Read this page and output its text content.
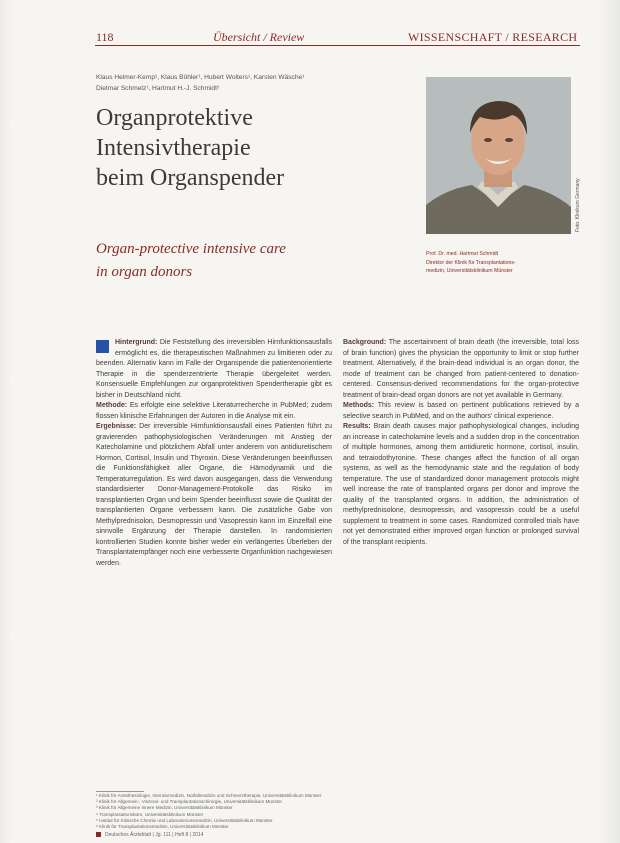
118	Übersicht / Review	WISSENSCHAFT / RESEARCH
Klaus Helmer-Kemp¹, Klaus Böhler¹, Hubert Wolters¹, Karsten Wäsche¹
Dietmar Schmelz¹, Hartmut H.-J. Schmidt²
Organprotektive
Intensivtherapie
beim Organspender
Organ-protective intensive care
in organ donors
Foto: Klinikum Germany
Prof. Dr. med. Hartmut Schmidt
Direktor der Klinik für Transplantations-
medizin, Universitätsklinikum Münster

Hintergrund: Die Feststellung des irreversiblen Hirnfunktionsausfalls ermöglicht es, die therapeutischen Maßnahmen zu limitieren oder zu beenden. Alternativ kann im Falle der Organspende die patientenorientierte Therapie in die spenderzentrierte Therapie übergeleitet werden. Konsensuelle Empfehlungen zur organprotektiven Spendertherapie gibt es bisher in Deutschland nicht.

Methode: Es erfolgte eine selektive Literaturrecherche in PubMed; zudem flossen klinische Erfahrungen der Autoren in die Analyse mit ein.

Ergebnisse: Der irreversible Hirnfunktionsausfall eines Patienten führt zu gravierenden pathophysiologischen Veränderungen mit Anstieg der Katecholamine und plötzlichem Abfall unter anderem von antidiuretischem Hormon, Cortisol, Insulin und Thyroxin. Diese Veränderungen beeinflussen die Funktionsfähigkeit aller Organe, die Hämodynamik und die Temperaturregulation. Es wird davon ausgegangen, dass die Verwendung standardisierter Donor-Management-Protokolle das Risiko im transplantierten Organ und beim Spender beeinflusst sowie die Qualität der transplantierten Organe verbessern kann. Die zusätzliche Gabe von Methylprednisolon, Desmopressin und Vasopressin kann im Einzelfall eine sinnvolle Ergänzung der Therapie darstellen. In randomisierten kontrollierten Studien konnte bisher weder ein verlängertes Überleben der Transplantatempfänger noch eine verbesserte Organfunktion nachgewiesen werden.

Background: The ascertainment of brain death (the irreversible, total loss of brain function) gives the physician the opportunity to limit or stop further treatment. Alternatively, if the brain-dead individual is an organ donor, the mode of treatment can be changed from patient-centered to donation-centered. Consensus-derived recommendations for the organ-protective treatment of brain-dead organ donors are not yet available in Germany.

Methods: This review is based on pertinent publications retrieved by a selective search in PubMed, and on the authors' clinical experience.

Results: Brain death causes major pathophysiological changes, including an increase in catecholamine levels and a sudden drop in the concentration of multiple hormones, among them antidiuretic hormone, cortisol, insulin, and tetraiodothyronine. These changes affect the function of all organ systems, as well as the hemodynamic state and the regulation of body temperature. The use of standardized donor management protocols might well increase the rate of transplanted organs per donor and improve the quality of the transplanted organs. In addition, the administration of methylprednisolone, desmopressin, and vasopressin could be a useful supplement to treatment in some cases. Randomized controlled trials have not yet demonstrated either improved organ function or prolonged survival of the transplant recipients.

¹ Klinik für Anästhesiologie, Intensivmedizin, Notfallmedizin und Schmerztherapie, Universitätsklinikum Münster
² Klinik für Allgemein-, Viszeral- und Transplantationschirurgie, Universitätsklinikum Münster
³ Klinik für Allgemeine Innere Medizin, Universitätsklinikum Münster
⁴ Transplantationsbüro, Universitätsklinikum Münster
⁵ Institut für Klinische Chemie und Laboratoriumsmedizin, Universitätsklinikum Münster
⁶ Klinik für Transplantationsmedizin, Universitätsklinikum Münster
Deutsches Ärzteblatt | Jg. 111 | Heft 8 | 2014
